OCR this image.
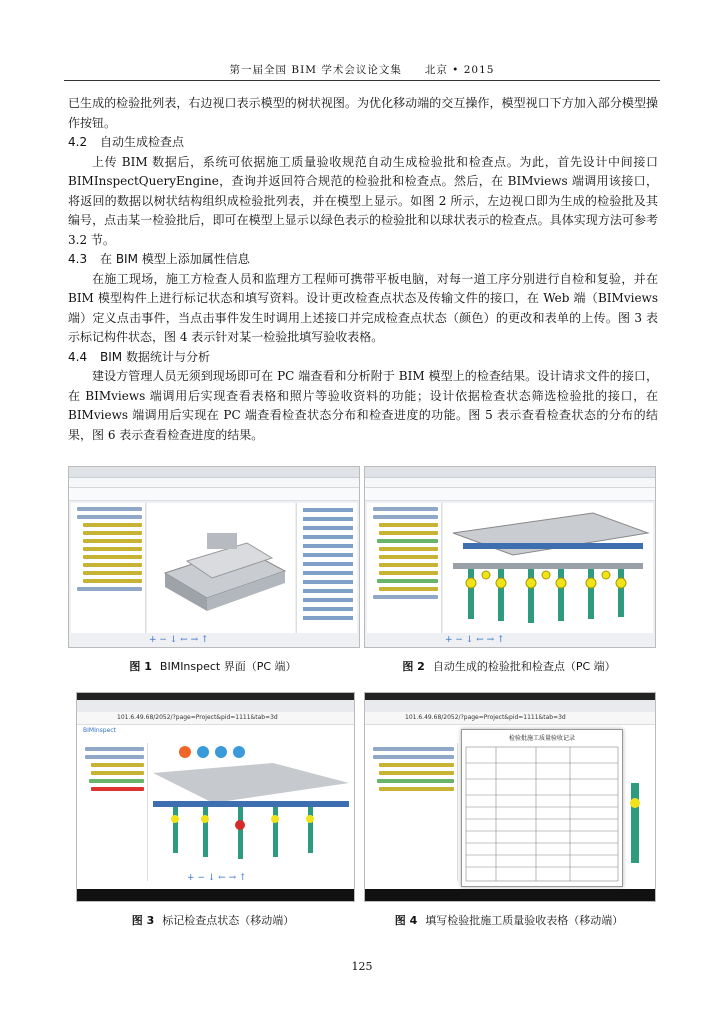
第一届全国 BIM 学术会议论文集　　北京 • 2015

已生成的检验批列表，右边视口表示模型的树状视图。为优化移动端的交互操作，模型视口下方加入部分模型操作按钮。

4.2 自动生成检查点

上传 BIM 数据后，系统可依据施工质量验收规范自动生成检验批和检查点。为此，首先设计中间接口 BIMInspectQueryEngine，查询并返回符合规范的检验批和检查点。然后，在 BIMviews 端调用该接口，将返回的数据以树状结构组织成检验批列表，并在模型上显示。如图 2 所示，左边视口即为生成的检验批及其编号，点击某一检验批后，即可在模型上显示以绿色表示的检验批和以球状表示的检查点。具体实现方法可参考 3.2 节。

4.3 在 BIM 模型上添加属性信息

在施工现场，施工方检查人员和监理方工程师可携带平板电脑，对每一道工序分别进行自检和复验，并在 BIM 模型构件上进行标记状态和填写资料。设计更改检查点状态及传输文件的接口，在 Web 端（BIMviews 端）定义点击事件，当点击事件发生时调用上述接口并完成检查点状态（颜色）的更改和表单的上传。图 3 表示标记构件状态，图 4 表示针对某一检验批填写验收表格。

4.4 BIM 数据统计与分析

建设方管理人员无须到现场即可在 PC 端查看和分析附于 BIM 模型上的检查结果。设计请求文件的接口，在 BIMviews 端调用后实现查看表格和照片等验收资料的功能；设计依据检查状态筛选检验批的接口，在 BIMviews 端调用后实现在 PC 端查看检查状态分布和检查进度的功能。图 5 表示查看检查状态的分布的结果，图 6 表示查看检查进度的结果。

+ − ↓ ← → ↑	+ − ↓ ← → ↑
图 1 BIMInspect 界面（PC 端）	图 2 自动生成的检验批和检查点（PC 端）
101.6.49.68/2052/?page=Project&pid=1111&tab=3d
BIMInspect
+ − ↓ ← → ↑
101.6.49.68/2052/?page=Project&pid=1111&tab=3d
检验批施工质量验收记录
图 3 标记检查点状态（移动端）	图 4 填写检验批施工质量验收表格（移动端）
125
